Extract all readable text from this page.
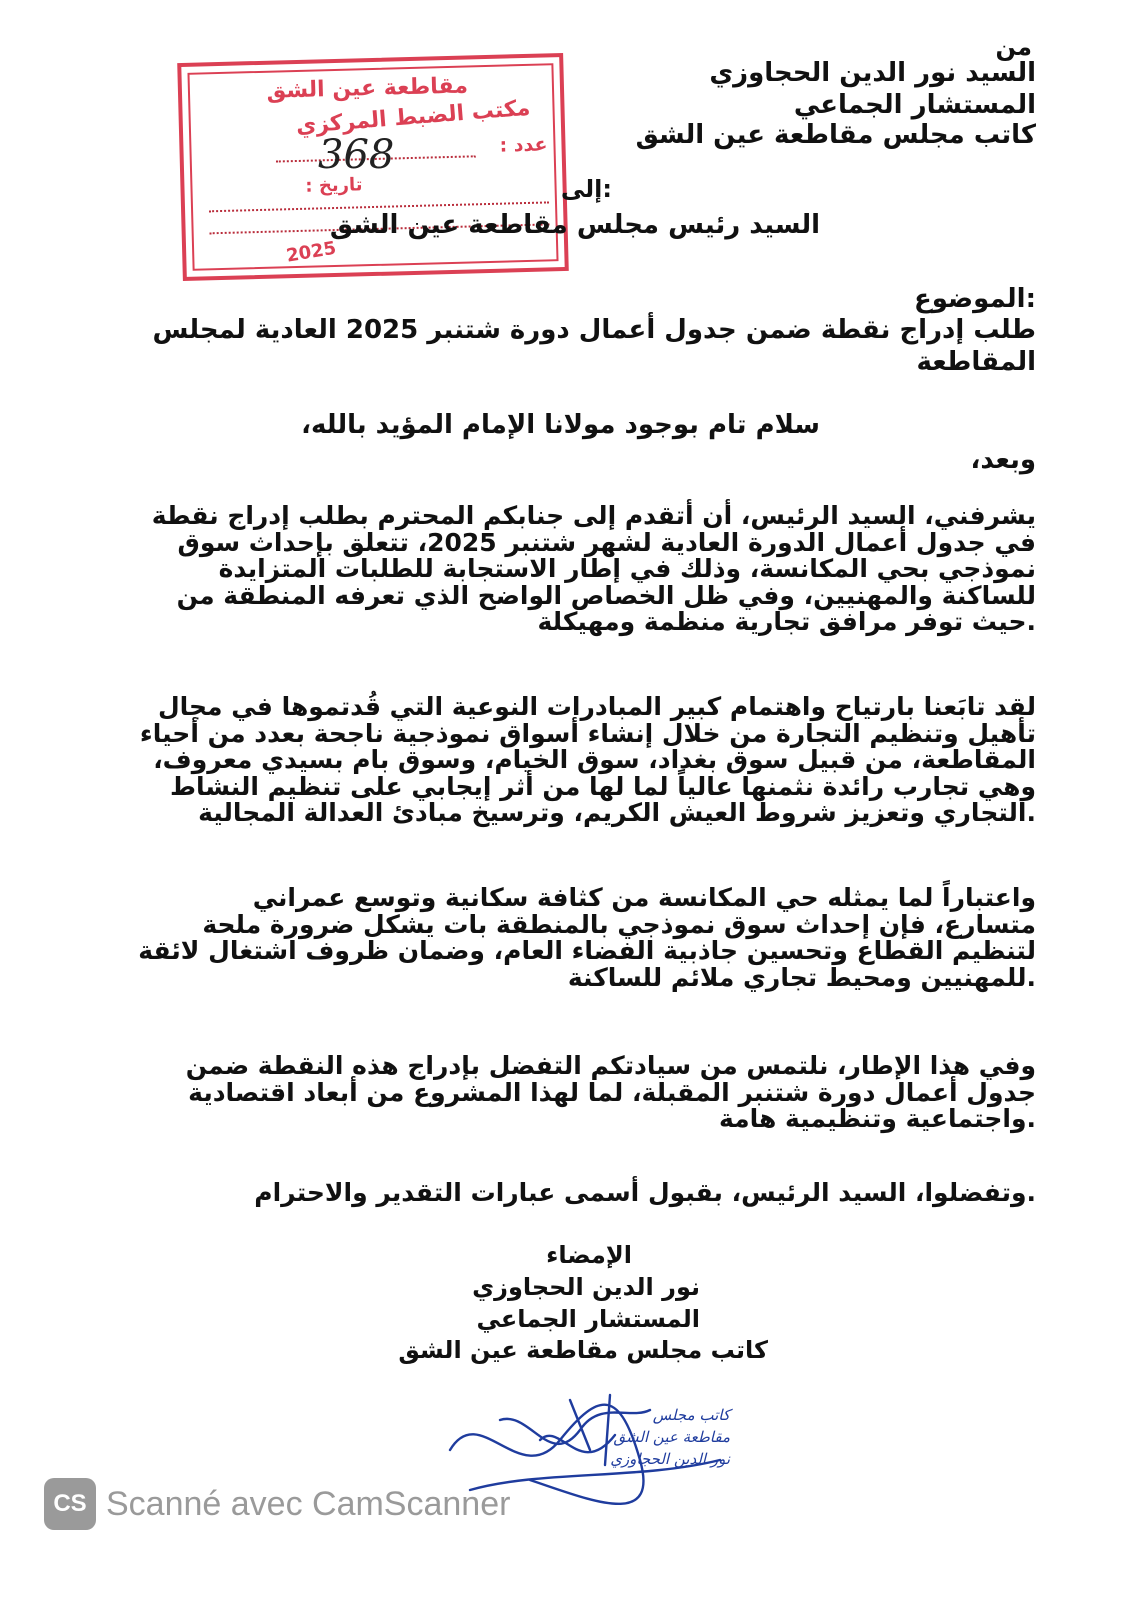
من
السيد نور الدين الحجاوزي
المستشار الجماعي
كاتب مجلس مقاطعة عين الشق
مقاطعة عين الشق
مكتب الضبط المركزي
عدد :
تاريخ :
2025
368
:إلى
السيد رئيس مجلس مقاطعة عين الشق
:الموضوع
طلب إدراج نقطة ضمن جدول أعمال دورة شتنبر 2025 العادية لمجلس
المقاطعة
سلام تام بوجود مولانا الإمام المؤيد بالله،
وبعد،
يشرفني، السيد الرئيس، أن أتقدم إلى جنابكم المحترم بطلب إدراج نقطة
في جدول أعمال الدورة العادية لشهر شتنبر 2025، تتعلق بإحداث سوق
نموذجي بحي المكانسة، وذلك في إطار الاستجابة للطلبات المتزايدة
للساكنة والمهنيين، وفي ظل الخصاص الواضح الذي تعرفه المنطقة من
.حيث توفر مرافق تجارية منظمة ومهيكلة
لقد تابَعنا بارتياح واهتمام كبير المبادرات النوعية التي قُدتموها في مجال
تأهيل وتنظيم التجارة من خلال إنشاء أسواق نموذجية ناجحة بعدد من أحياء
المقاطعة، من قبيل سوق بغداد، سوق الخيام، وسوق بام بسيدي معروف،
وهي تجارب رائدة نثمنها عالياً لما لها من أثر إيجابي على تنظيم النشاط
.التجاري وتعزيز شروط العيش الكريم، وترسيخ مبادئ العدالة المجالية
واعتباراً لما يمثله حي المكانسة من كثافة سكانية وتوسع عمراني
متسارع، فإن إحداث سوق نموذجي بالمنطقة بات يشكل ضرورة ملحة
لتنظيم القطاع وتحسين جاذبية الفضاء العام، وضمان ظروف اشتغال لائقة
.للمهنيين ومحيط تجاري ملائم للساكنة
وفي هذا الإطار، نلتمس من سيادتكم التفضل بإدراج هذه النقطة ضمن
جدول أعمال دورة شتنبر المقبلة، لما لهذا المشروع من أبعاد اقتصادية
.واجتماعية وتنظيمية هامة
.وتفضلوا، السيد الرئيس، بقبول أسمى عبارات التقدير والاحترام
الإمضاء
نور الدين الحجاوزي
المستشار الجماعي
كاتب مجلس مقاطعة عين الشق
كاتب مجلس
مقاطعة عين الشق
نور الدين الحجاوزي
CS Scanné avec CamScanner
